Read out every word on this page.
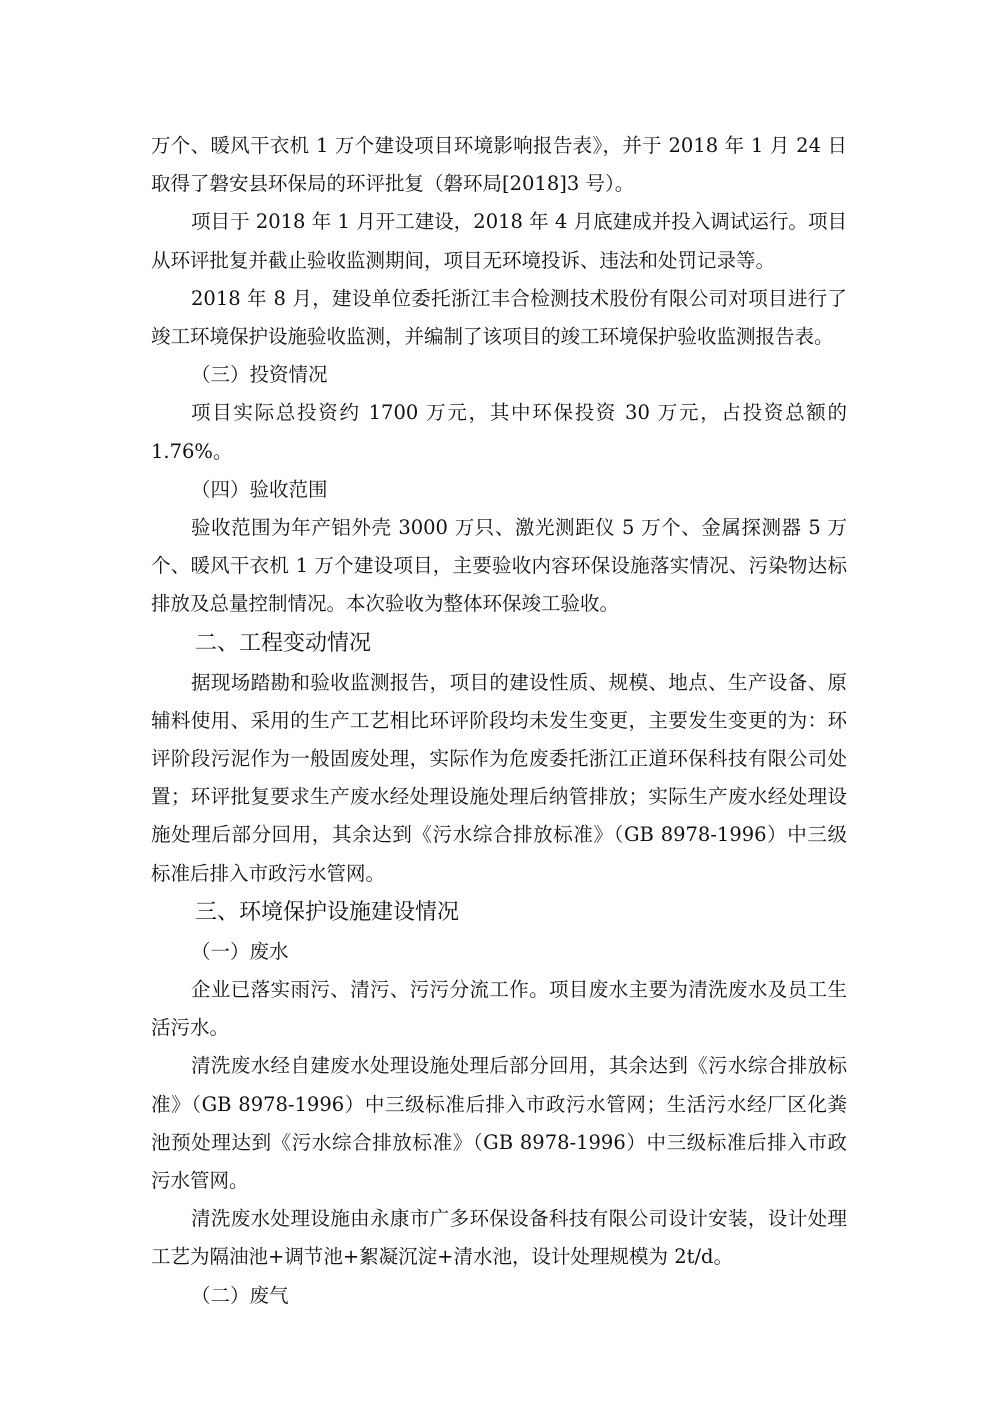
万个、暖风干衣机 1 万个建设项目环境影响报告表》，并于 2018 年 1 月 24 日取得了磐安县环保局的环评批复（磐环局[2018]3 号）。

项目于 2018 年 1 月开工建设，2018 年 4 月底建成并投入调试运行。项目从环评批复并截止验收监测期间，项目无环境投诉、违法和处罚记录等。

2018 年 8 月，建设单位委托浙江丰合检测技术股份有限公司对项目进行了竣工环境保护设施验收监测，并编制了该项目的竣工环境保护验收监测报告表。

（三）投资情况

项目实际总投资约 1700 万元，其中环保投资 30 万元，占投资总额的 1.76%。

（四）验收范围

验收范围为年产铝外壳 3000 万只、激光测距仪 5 万个、金属探测器 5 万个、暖风干衣机 1 万个建设项目，主要验收内容环保设施落实情况、污染物达标排放及总量控制情况。本次验收为整体环保竣工验收。

二、工程变动情况

据现场踏勘和验收监测报告，项目的建设性质、规模、地点、生产设备、原辅料使用、采用的生产工艺相比环评阶段均未发生变更，主要发生变更的为：环评阶段污泥作为一般固废处理，实际作为危废委托浙江正道环保科技有限公司处置；环评批复要求生产废水经处理设施处理后纳管排放；实际生产废水经处理设施处理后部分回用，其余达到《污水综合排放标准》（GB 8978-1996）中三级标准后排入市政污水管网。

三、环境保护设施建设情况

（一）废水

企业已落实雨污、清污、污污分流工作。项目废水主要为清洗废水及员工生活污水。

清洗废水经自建废水处理设施处理后部分回用，其余达到《污水综合排放标准》（GB 8978-1996）中三级标准后排入市政污水管网；生活污水经厂区化粪池预处理达到《污水综合排放标准》（GB 8978-1996）中三级标准后排入市政污水管网。

清洗废水处理设施由永康市广多环保设备科技有限公司设计安装，设计处理工艺为隔油池+调节池+絮凝沉淀+清水池，设计处理规模为 2t/d。

（二）废气
